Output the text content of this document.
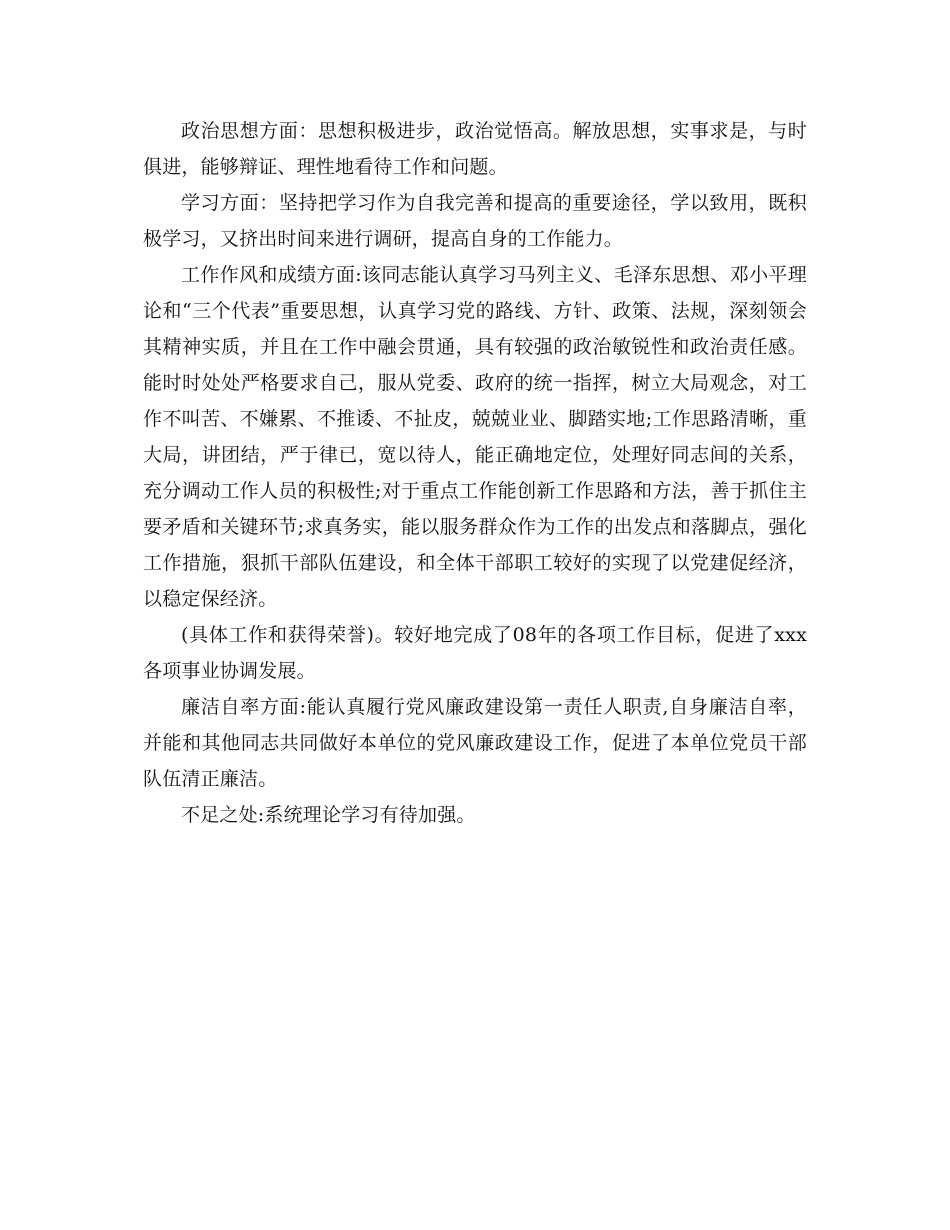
政治思想方面：思想积极进步，政治觉悟高。解放思想，实事求是，与时俱进，能够辩证、理性地看待工作和问题。

学习方面：坚持把学习作为自我完善和提高的重要途径，学以致用，既积极学习，又挤出时间来进行调研，提高自身的工作能力。

工作作风和成绩方面:该同志能认真学习马列主义、毛泽东思想、邓小平理论和“三个代表”重要思想，认真学习党的路线、方针、政策、法规，深刻领会其精神实质，并且在工作中融会贯通，具有较强的政治敏锐性和政治责任感。能时时处处严格要求自己，服从党委、政府的统一指挥，树立大局观念，对工作不叫苦、不嫌累、不推诿、不扯皮，兢兢业业、脚踏实地;工作思路清晰，重大局，讲团结，严于律已，宽以待人，能正确地定位，处理好同志间的关系，充分调动工作人员的积极性;对于重点工作能创新工作思路和方法，善于抓住主要矛盾和关键环节;求真务实，能以服务群众作为工作的出发点和落脚点，强化工作措施，狠抓干部队伍建设，和全体干部职工较好的实现了以党建促经济，以稳定保经济。

(具体工作和获得荣誉)。较好地完成了08年的各项工作目标，促进了xxx各项事业协调发展。

廉洁自率方面:能认真履行党风廉政建设第一责任人职责,自身廉洁自率，并能和其他同志共同做好本单位的党风廉政建设工作，促进了本单位党员干部队伍清正廉洁。

不足之处:系统理论学习有待加强。
